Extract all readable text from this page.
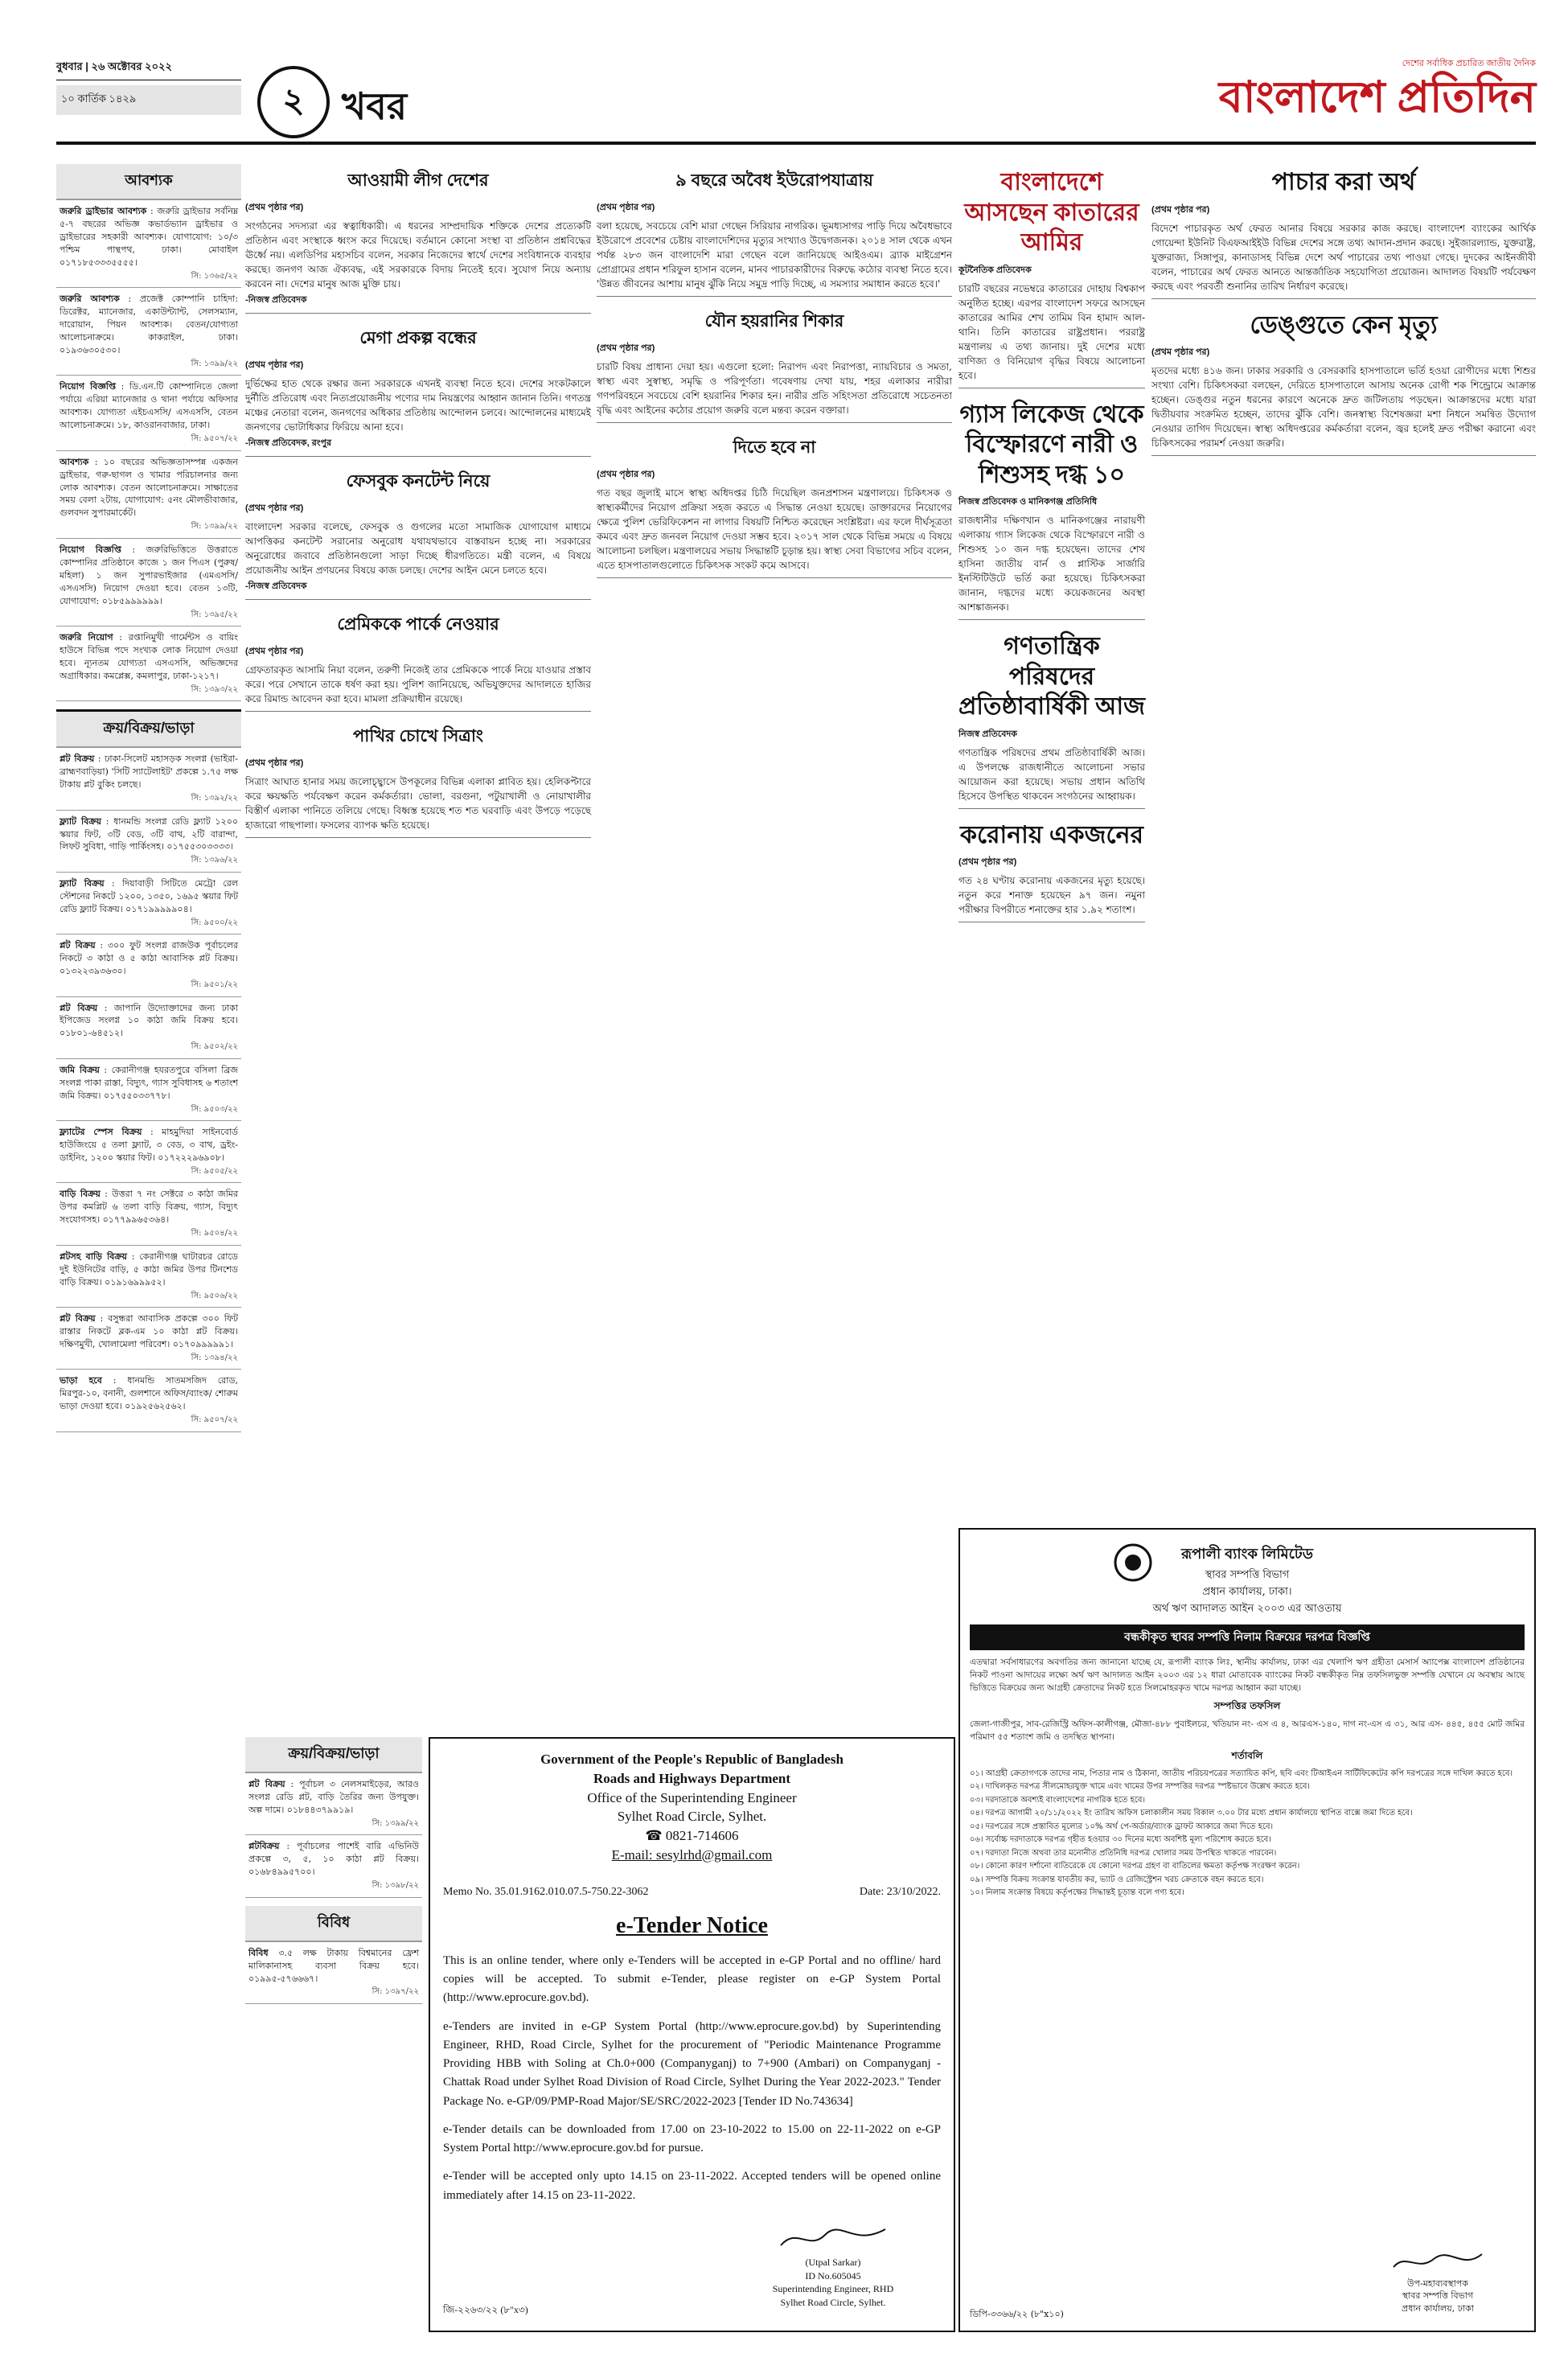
বুধবার | ২৬ অক্টোবর ২০২২
১০ কার্তিক ১৪২৯	২	খবর
দেশের সর্বাধিক প্রচারিত জাতীয় দৈনিক
বাংলাদেশ প্রতিদিন
আবশ্যক
জরুরি ড্রাইভার আবশ্যক : জরুরি ড্রাইভার সর্বনিম্ন ৫-৭ বছরের অভিজ্ঞ কভার্ডভ্যান ড্রাইভার ও ড্রাইভারের সহকারী আবশ্যক। যোগাযোগ: ১০/৩ পশ্চিম পান্থপথ, ঢাকা। মোবাইল ০১৭১৮৫৩৩৩৫৫৫৫।
সি: ১৩৬৫/২২
জরুরি আবশ্যক : প্রজেক্ট কোম্পানি চাহিদা: ডিরেক্টর, ম্যানেজার, একাউন্ট্যান্ট, সেলসম্যান, দারোয়ান, পিয়ন আবশ্যক। বেতন/যোগ্যতা আলোচনাক্রমে। কাকরাইল, ঢাকা। ০১৯৩৬৩০৫৩০।
সি: ১৩৯৯/২২
নিয়োগ বিজ্ঞপ্তি : ডি.এন.টি কোম্পানিতে জেলা পর্যায়ে এরিয়া ম্যানেজার ও থানা পর্যায়ে অফিসার আবশ্যক। যোগ্যতা এইচএসসি/ এসএসসি, বেতন আলোচনাক্রমে। ১৮, কাওরানবাজার, ঢাকা।
সি: ৯৫০৭/২২
আবশ্যক : ১০ বছরের অভিজ্ঞতাসম্পন্ন একজন ড্রাইভার, গরু-ছাগল ও খামার পরিচালনার জন্য লোক আবশ্যক। বেতন আলোচনাক্রমে। সাক্ষাতের সময় বেলা ২টায়, যোগাযোগ: ৫নং মৌলভীবাজার, গুলবদন সুপারমার্কেট।
সি: ১৩৯৯/২২
নিয়োগ বিজ্ঞপ্তি : জরুরিভিত্তিতে উত্তরাতে কোম্পানির প্রতিষ্ঠানে কাজে ১ জন পিএস (পুরুষ/মহিলা) ১ জন সুপারভাইজার (এমএসসি/এসএসসি) নিয়োগ দেওয়া হবে। বেতন ১৩টি, যোগাযোগ: ০১৮৫৯৯৯৯৯৯।
সি: ১৩৯৫/২২
জরুরি নিয়োগ : রপ্তানিমুখী গার্মেন্টস ও বায়িং হাউসে বিভিন্ন পদে সংখ্যক লোক নিয়োগ দেওয়া হবে। ন্যূনতম যোগ্যতা এসএসসি, অভিজ্ঞদের অগ্রাধিকার। কমপ্লেক্স, কমলাপুর, ঢাকা-১২১৭।
সি: ১৩৯৩/২২
ক্রয়/বিক্রয়/ভাড়া
প্লট বিক্রয় : ঢাকা-সিলেট মহাসড়ক সংলগ্ন (ভাইরা-ব্রাহ্মণবাড়িয়া) 'সিটি স্যাটেলাইট' প্রকল্পে ১.৭৫ লক্ষ টাকায় প্লট বুকিং চলছে।
সি: ১৩৯২/২২
ফ্ল্যাট বিক্রয় : ধানমন্ডি সংলগ্ন রেডি ফ্ল্যাট ১২০০ স্কয়ার ফিট, ৩টি বেড, ৩টি বাথ, ২টি বারান্দা, লিফট সুবিধা, গাড়ি পার্কিংসহ। ০১৭৫৫৩০৩৩৩৩।
সি: ১৩৯৬/২২
ফ্ল্যাট বিক্রয় : দিয়াবাড়ী সিটিতে মেট্রো রেল স্টেশনের নিকটে ১২০০, ১৩৫০, ১৬৯৫ স্কয়ার ফিট রেডি ফ্ল্যাট বিক্রয়। ০১৭১৯৯৯৯৯০৪।
সি: ৯৫০০/২২
প্লট বিক্রয় : ৩০০ ফুট সংলগ্ন রাজউক পূর্বাচলের নিকটে ৩ কাঠা ও ৫ কাঠা আবাসিক প্লট বিক্রয়। ০১৩২২৩৯৩৬৩০।
সি: ৯৫০১/২২
প্লট বিক্রয় : জাপানি উদ্যোক্তাদের জন্য ঢাকা ইপিজেড সংলগ্ন ১০ কাঠা জমি বিক্রয় হবে। ০১৮০১-৬৪৫১২।
সি: ৯৫০২/২২
জমি বিক্রয় : কেরানীগঞ্জ হযরতপুরে বসিলা ব্রিজ সংলগ্ন পাকা রাস্তা, বিদ্যুৎ, গ্যাস সুবিধাসহ ৬ শতাংশ জমি বিক্রয়। ০১৭৫৫০৩৩৭৭৮।
সি: ৯৫০৩/২২
ফ্ল্যাটের স্পেস বিক্রয় : মাহমুদিয়া সাইনবোর্ড হাউজিংয়ে ৫ তলা ফ্ল্যাট, ৩ বেড, ৩ বাথ, ড্রইং-ডাইনিং, ১২০০ স্কয়ার ফিট। ০১৭২২২৯৬৯০৮।
সি: ৯৫০৫/২২
বাড়ি বিক্রয় : উত্তরা ৭ নং সেক্টরে ৩ কাঠা জমির উপর কমপ্লিট ৬ তলা বাড়ি বিক্রয়, গ্যাস, বিদ্যুৎ সংযোগসহ। ০১৭৭৯৯৬৫৩৬৪।
সি: ৯৫০৪/২২
প্লটসহ বাড়ি বিক্রয় : কেরানীগঞ্জ ঘাটারচর রোডে দুই ইউনিটের বাড়ি, ৫ কাঠা জমির উপর টিনশেড বাড়ি বিক্রয়। ০১৯১৬৯৯৯৫২।
সি: ৯৫০৬/২২
প্লট বিক্রয় : বসুন্ধরা আবাসিক প্রকল্পে ৩০০ ফিট রাস্তার নিকটে ব্লক-এম ১০ কাঠা প্লট বিক্রয়। দক্ষিণমুখী, খোলামেলা পরিবেশ। ০১৭০৯৯৯৯৯১।
সি: ১৩৯৪/২২
ভাড়া হবে : ধানমন্ডি সাতমসজিদ রোড, মিরপুর-১০, বনানী, গুলশানে অফিস/ব্যাংক/ শোরুম ভাড়া দেওয়া হবে। ০১৯২৫৬২৫৬২।
সি: ৯৫০৭/২২
আওয়ামী লীগ দেশের
(প্রথম পৃষ্ঠার পর)

সংগঠনের সদস্যরা এর স্বত্বাধিকারী। এ ধরনের সাম্প্রদায়িক শক্তিকে দেশের প্রত্যেকটি প্রতিষ্ঠান এবং সংস্থাকে ধ্বংস করে দিয়েছে। বর্তমানে কোনো সংস্থা বা প্রতিষ্ঠান প্রশ্নবিদ্ধের ঊর্ধ্বে নয়। এলডিপির মহাসচিব বলেন, সরকার নিজেদের স্বার্থে দেশের সংবিধানকে ব্যবহার করছে। জনগণ আজ ঐক্যবদ্ধ, এই সরকারকে বিদায় নিতেই হবে। সুযোগ নিয়ে অন্যায় করবেন না। দেশের মানুষ আজ মুক্তি চায়।

-নিজস্ব প্রতিবেদক
মেগা প্রকল্প বন্ধের
(প্রথম পৃষ্ঠার পর)

দুর্ভিক্ষের হাত থেকে রক্ষার জন্য সরকারকে এখনই ব্যবস্থা নিতে হবে। দেশের সংকটকালে দুর্নীতি প্রতিরোধ এবং নিত্যপ্রয়োজনীয় পণ্যের দাম নিয়ন্ত্রণের আহ্বান জানান তিনি। গণতন্ত্র মঞ্চের নেতারা বলেন, জনগণের অধিকার প্রতিষ্ঠায় আন্দোলন চলবে। আন্দোলনের মাধ্যমেই জনগণের ভোটাধিকার ফিরিয়ে আনা হবে।

-নিজস্ব প্রতিবেদক, রংপুর
ফেসবুক কনটেন্ট নিয়ে
(প্রথম পৃষ্ঠার পর)

বাংলাদেশ সরকার বলেছে, ফেসবুক ও গুগলের মতো সামাজিক যোগাযোগ মাধ্যমে আপত্তিকর কনটেন্ট সরানোর অনুরোধ যথাযথভাবে বাস্তবায়ন হচ্ছে না। সরকারের অনুরোধের জবাবে প্রতিষ্ঠানগুলো সাড়া দিচ্ছে ধীরগতিতে। মন্ত্রী বলেন, এ বিষয়ে প্রয়োজনীয় আইন প্রণয়নের বিষয়ে কাজ চলছে। দেশের আইন মেনে চলতে হবে।

-নিজস্ব প্রতিবেদক
প্রেমিককে পার্কে নেওয়ার
(প্রথম পৃষ্ঠার পর)

গ্রেফতারকৃত আসামি নিয়া বলেন, তরুণী নিজেই তার প্রেমিককে পার্কে নিয়ে যাওয়ার প্রস্তাব করে। পরে সেখানে তাকে ধর্ষণ করা হয়। পুলিশ জানিয়েছে, অভিযুক্তদের আদালতে হাজির করে রিমান্ড আবেদন করা হবে। মামলা প্রক্রিয়াধীন রয়েছে।

পাখির চোখে সিত্রাং
(প্রথম পৃষ্ঠার পর)

সিত্রাং আঘাত হানার সময় জলোচ্ছ্বাসে উপকূলের বিভিন্ন এলাকা প্লাবিত হয়। হেলিকপ্টারে করে ক্ষয়ক্ষতি পর্যবেক্ষণ করেন কর্মকর্তারা। ভোলা, বরগুনা, পটুয়াখালী ও নোয়াখালীর বিস্তীর্ণ এলাকা পানিতে তলিয়ে গেছে। বিধ্বস্ত হয়েছে শত শত ঘরবাড়ি এবং উপড়ে পড়েছে হাজারো গাছপালা। ফসলের ব্যাপক ক্ষতি হয়েছে।

৯ বছরে অবৈধ ইউরোপযাত্রায়
(প্রথম পৃষ্ঠার পর)

বলা হয়েছে, সবচেয়ে বেশি মারা গেছেন সিরিয়ার নাগরিক। ভূমধ্যসাগর পাড়ি দিয়ে অবৈধভাবে ইউরোপে প্রবেশের চেষ্টায় বাংলাদেশিদের মৃত্যুর সংখ্যাও উদ্বেগজনক। ২০১৪ সাল থেকে এখন পর্যন্ত ২৮৩ জন বাংলাদেশি মারা গেছেন বলে জানিয়েছে আইওএম। ব্র্যাক মাইগ্রেশন প্রোগ্রামের প্রধান শরিফুল হাসান বলেন, মানব পাচারকারীদের বিরুদ্ধে কঠোর ব্যবস্থা নিতে হবে। 'উন্নত জীবনের আশায় মানুষ ঝুঁকি নিয়ে সমুদ্র পাড়ি দিচ্ছে, এ সমস্যার সমাধান করতে হবে।'

যৌন হয়রানির শিকার
(প্রথম পৃষ্ঠার পর)

চারটি বিষয় প্রাধান্য দেয়া হয়। এগুলো হলো: নিরাপদ এবং নিরাপত্তা, ন্যায়বিচার ও সমতা, স্বাস্থ্য এবং সুস্বাস্থ্য, সমৃদ্ধি ও পরিপূর্ণতা। গবেষণায় দেখা যায়, শহর এলাকার নারীরা গণপরিবহনে সবচেয়ে বেশি হয়রানির শিকার হন। নারীর প্রতি সহিংসতা প্রতিরোধে সচেতনতা বৃদ্ধি এবং আইনের কঠোর প্রয়োগ জরুরি বলে মন্তব্য করেন বক্তারা।

দিতে হবে না
(প্রথম পৃষ্ঠার পর)

গত বছর জুলাই মাসে স্বাস্থ্য অধিদপ্তর চিঠি দিয়েছিল জনপ্রশাসন মন্ত্রণালয়ে। চিকিৎসক ও স্বাস্থ্যকর্মীদের নিয়োগ প্রক্রিয়া সহজ করতে এ সিদ্ধান্ত নেওয়া হয়েছে। ডাক্তারদের নিয়োগের ক্ষেত্রে পুলিশ ভেরিফিকেশন না লাগার বিষয়টি নিশ্চিত করেছেন সংশ্লিষ্টরা। এর ফলে দীর্ঘসূত্রতা কমবে এবং দ্রুত জনবল নিয়োগ দেওয়া সম্ভব হবে। ২০১৭ সাল থেকে বিভিন্ন সময়ে এ বিষয়ে আলোচনা চলছিল। মন্ত্রণালয়ের সভায় সিদ্ধান্তটি চূড়ান্ত হয়। স্বাস্থ্য সেবা বিভাগের সচিব বলেন, এতে হাসপাতালগুলোতে চিকিৎসক সংকট কমে আসবে।

বাংলাদেশে আসছেন কাতারের আমির
কূটনৈতিক প্রতিবেদক

চারটি বছরের নভেম্বরে কাতারের দোহায় বিশ্বকাপ অনুষ্ঠিত হচ্ছে। এরপর বাংলাদেশ সফরে আসছেন কাতারের আমির শেখ তামিম বিন হামাদ আল-থানি। তিনি কাতারের রাষ্ট্রপ্রধান। পররাষ্ট্র মন্ত্রণালয় এ তথ্য জানায়। দুই দেশের মধ্যে বাণিজ্য ও বিনিয়োগ বৃদ্ধির বিষয়ে আলোচনা হবে।

গ্যাস লিকেজ থেকে বিস্ফোরণে নারী ও শিশুসহ দগ্ধ ১০
নিজস্ব প্রতিবেদক ও মানিকগঞ্জ প্রতিনিধি

রাজধানীর দক্ষিণখান ও মানিকগঞ্জের নারায়ণী এলাকায় গ্যাস লিকেজ থেকে বিস্ফোরণে নারী ও শিশুসহ ১০ জন দগ্ধ হয়েছেন। তাদের শেখ হাসিনা জাতীয় বার্ন ও প্লাস্টিক সার্জারি ইনস্টিটিউটে ভর্তি করা হয়েছে। চিকিৎসকরা জানান, দগ্ধদের মধ্যে কয়েকজনের অবস্থা আশঙ্কাজনক।

গণতান্ত্রিক পরিষদের প্রতিষ্ঠাবার্ষিকী আজ
নিজস্ব প্রতিবেদক

গণতান্ত্রিক পরিষদের প্রথম প্রতিষ্ঠাবার্ষিকী আজ। এ উপলক্ষে রাজধানীতে আলোচনা সভার আয়োজন করা হয়েছে। সভায় প্রধান অতিথি হিসেবে উপস্থিত থাকবেন সংগঠনের আহ্বায়ক।

করোনায় একজনের
(প্রথম পৃষ্ঠার পর)

গত ২৪ ঘণ্টায় করোনায় একজনের মৃত্যু হয়েছে। নতুন করে শনাক্ত হয়েছেন ৯৭ জন। নমুনা পরীক্ষার বিপরীতে শনাক্তের হার ১.৯২ শতাংশ।

পাচার করা অর্থ
(প্রথম পৃষ্ঠার পর)

বিদেশে পাচারকৃত অর্থ ফেরত আনার বিষয়ে সরকার কাজ করছে। বাংলাদেশ ব্যাংকের আর্থিক গোয়েন্দা ইউনিট বিএফআইইউ বিভিন্ন দেশের সঙ্গে তথ্য আদান-প্রদান করছে। সুইজারল্যান্ড, যুক্তরাষ্ট্র, যুক্তরাজ্য, সিঙ্গাপুর, কানাডাসহ বিভিন্ন দেশে অর্থ পাচারের তথ্য পাওয়া গেছে। দুদকের আইনজীবী বলেন, পাচারের অর্থ ফেরত আনতে আন্তর্জাতিক সহযোগিতা প্রয়োজন। আদালত বিষয়টি পর্যবেক্ষণ করছে এবং পরবর্তী শুনানির তারিখ নির্ধারণ করেছে।

ডেঙ্গুতে কেন মৃত্যু
(প্রথম পৃষ্ঠার পর)

মৃতদের মধ্যে ৪১৬ জন। ঢাকার সরকারি ও বেসরকারি হাসপাতালে ভর্তি হওয়া রোগীদের মধ্যে শিশুর সংখ্যা বেশি। চিকিৎসকরা বলছেন, দেরিতে হাসপাতালে আসায় অনেক রোগী শক শিন্ড্রোমে আক্রান্ত হচ্ছেন। ডেঙ্গুর নতুন ধরনের কারণে অনেকে দ্রুত জটিলতায় পড়ছেন। আক্রান্তদের মধ্যে যারা দ্বিতীয়বার সংক্রমিত হচ্ছেন, তাদের ঝুঁকি বেশি। জনস্বাস্থ্য বিশেষজ্ঞরা মশা নিধনে সমন্বিত উদ্যোগ নেওয়ার তাগিদ দিয়েছেন। স্বাস্থ্য অধিদপ্তরের কর্মকর্তারা বলেন, জ্বর হলেই দ্রুত পরীক্ষা করানো এবং চিকিৎসকের পরামর্শ নেওয়া জরুরি।

ক্রয়/বিক্রয়/ভাড়া
প্লট বিক্রয় : পূর্বাচল ৩ নেলসমাইড়ের, আরও সংলগ্ন রেডি প্লট, বাড়ি তৈরির জন্য উপযুক্ত। অল্প দামে। ০১৮৪৪৩৭৯৯১৯।
সি: ১৩৯৯/২২
প্লটবিক্রয় : পূর্বাচলের পাশেই বারি এভিনিউ প্রকল্পে ৩, ৫, ১০ কাঠা প্লট বিক্রয়। ০১৬৮৪৯৯৫৭০০।
সি: ১৩৯৮/২২
বিবিধ
বিবিধ ৩.৫ লক্ষ টাকায় বিশ্বমানের ফ্রেশ মালিকানাসহ ব্যবসা বিক্রয় হবে। ০১৯৯৫-৫৭৬৬৬৭।
সি: ১৩৯৭/২২
Government of the People's Republic of Bangladesh
Roads and Highways Department
Office of the Superintending Engineer
Sylhet Road Circle, Sylhet.
☎ 0821-714606
E-mail: sesylrhd@gmail.com
Memo No. 35.01.9162.010.07.5-750.22-3062	Date: 23/10/2022.
e-Tender Notice

This is an online tender, where only e-Tenders will be accepted in e-GP Portal and no offline/ hard copies will be accepted. To submit e-Tender, please register on e-GP System Portal (http://www.eprocure.gov.bd).

e-Tenders are invited in e-GP System Portal (http://www.eprocure.gov.bd) by Superintending Engineer, RHD, Road Circle, Sylhet for the procurement of "Periodic Maintenance Programme Providing HBB with Soling at Ch.0+000 (Companyganj) to 7+900 (Ambari) on Companyganj -Chattak Road under Sylhet Road Division of Road Circle, Sylhet During the Year 2022-2023." Tender Package No. e-GP/09/PMP-Road Major/SE/SRC/2022-2023 [Tender ID No.743634]

e-Tender details can be downloaded from 17.00 on 23-10-2022 to 15.00 on 22-11-2022 on e-GP System Portal http://www.eprocure.gov.bd for pursue.

e-Tender will be accepted only upto 14.15 on 23-11-2022. Accepted tenders will be opened online immediately after 14.15 on 23-11-2022.

(Utpal Sarkar)
ID No.605045
Superintending Engineer, RHD
Sylhet Road Circle, Sylhet.
জি-২২৬৩/২২ (৮"x৩)
রূপালী ব্যাংক লিমিটেড
স্থাবর সম্পত্তি বিভাগ
প্রধান কার্যালয়, ঢাকা।
অর্থ ঋণ আদালত আইন ২০০৩ এর আওতায়
বন্ধকীকৃত স্থাবর সম্পত্তি নিলাম বিক্রয়ের দরপত্র বিজ্ঞপ্তি

এতদ্বারা সর্বসাধারণের অবগতির জন্য জানানো যাচ্ছে যে, রূপালী ব্যাংক লিঃ, স্থানীয় কার্যালয়, ঢাকা এর খেলাপি ঋণ গ্রহীতা মেসার্স অ্যাপেক্স বাংলাদেশ প্রতিষ্ঠানের নিকট পাওনা আদায়ের লক্ষ্যে অর্থ ঋণ আদালত আইন ২০০৩ এর ১২ ধারা মোতাবেক ব্যাংকের নিকট বন্ধকীকৃত নিম্ন তফসিলভুক্ত সম্পত্তি যেখানে যে অবস্থায় আছে ভিত্তিতে বিক্রয়ের জন্য আগ্রহী ক্রেতাদের নিকট হতে সিলমোহরকৃত খামে দরপত্র আহ্বান করা যাচ্ছে।

সম্পত্তির তফসিল

জেলা-গাজীপুর, সাব-রেজিস্ট্রি অফিস-কালীগঞ্জ, মৌজা-৪৮৮ পুবাইলচর, খতিয়ান নং- এস এ ৪, আরএস-১৪০, দাগ নং-এস এ ৩১, আর এস- ৪৪৫, ৪৫৫ মোট জমির পরিমাণ ৫৫ শতাংশ জমি ও তদস্থিত স্থাপনা।

শর্তাবলি
০১। আগ্রহী ক্রেতাগণকে তাদের নাম, পিতার নাম ও ঠিকানা, জাতীয় পরিচয়পত্রের সত্যায়িত কপি, ছবি এবং টিআইএন সার্টিফিকেটের কপি দরপত্রের সঙ্গে দাখিল করতে হবে।
০২। দাখিলকৃত দরপত্র সীলমোহরযুক্ত খামে এবং খামের উপর সম্পত্তির দরপত্র স্পষ্টভাবে উল্লেখ করতে হবে।
০৩। দরদাতাকে অবশ্যই বাংলাদেশের নাগরিক হতে হবে।
০৪। দরপত্র আগামী ২০/১১/২০২২ ইং তারিখ অফিস চলাকালীন সময় বিকাল ৩.০০ টার মধ্যে প্রধান কার্যালয়ে স্থাপিত বাক্সে জমা দিতে হবে।
০৫। দরপত্রের সঙ্গে প্রস্তাবিত মূল্যের ১০% অর্থ পে-অর্ডার/ব্যাংক ড্রাফট আকারে জমা দিতে হবে।
০৬। সর্বোচ্চ দরদাতাকে দরপত্র গৃহীত হওয়ার ৩০ দিনের মধ্যে অবশিষ্ট মূল্য পরিশোধ করতে হবে।
০৭। দরদাতা নিজে অথবা তার মনোনীত প্রতিনিধি দরপত্র খোলার সময় উপস্থিত থাকতে পারবেন।
০৮। কোনো কারণ দর্শানো ব্যতিরেকে যে কোনো দরপত্র গ্রহণ বা বাতিলের ক্ষমতা কর্তৃপক্ষ সংরক্ষণ করেন।
০৯। সম্পত্তি বিক্রয় সংক্রান্ত যাবতীয় কর, ভ্যাট ও রেজিস্ট্রেশন খরচ ক্রেতাকে বহন করতে হবে।
১০। নিলাম সংক্রান্ত বিষয়ে কর্তৃপক্ষের সিদ্ধান্তই চূড়ান্ত বলে গণ্য হবে।
উপ-মহাব্যবস্থাপক
স্থাবর সম্পত্তি বিভাগ
প্রধান কার্যালয়, ঢাকা
ডিপি-৩৩৬৬/২২ (৮"x১০)
